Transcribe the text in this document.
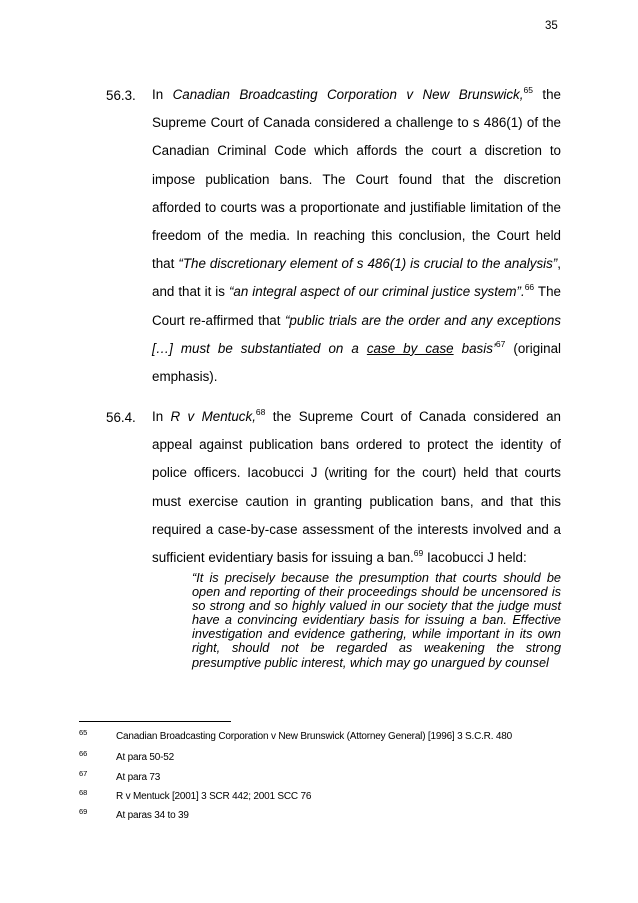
35
56.3. In Canadian Broadcasting Corporation v New Brunswick,$^{65}$ the Supreme Court of Canada considered a challenge to s 486(1) of the Canadian Criminal Code which affords the court a discretion to impose publication bans. The Court found that the discretion afforded to courts was a proportionate and justifiable limitation of the freedom of the media. In reaching this conclusion, the Court held that “The discretionary element of s 486(1) is crucial to the analysis”, and that it is “an integral aspect of our criminal justice system”.$^{66}$ The Court re-affirmed that “public trials are the order and any exceptions […] must be substantiated on a case by case basis’$^{67}$ (original emphasis).
56.4. In R v Mentuck,$^{68}$ the Supreme Court of Canada considered an appeal against publication bans ordered to protect the identity of police officers. Iacobucci J (writing for the court) held that courts must exercise caution in granting publication bans, and that this required a case-by-case assessment of the interests involved and a sufficient evidentiary basis for issuing a ban.$^{69}$ Iacobucci J held:

“It is precisely because the presumption that courts should be open and reporting of their proceedings should be uncensored is so strong and so highly valued in our society that the judge must have a convincing evidentiary basis for issuing a ban. Effective investigation and evidence gathering, while important in its own right, should not be regarded as weakening the strong presumptive public interest, which may go unargued by counsel

65	Canadian Broadcasting Corporation v New Brunswick (Attorney General) [1996] 3 S.C.R. 480
66	At para 50-52
67	At para 73
68	R v Mentuck [2001] 3 SCR 442; 2001 SCC 76
69	At paras 34 to 39
